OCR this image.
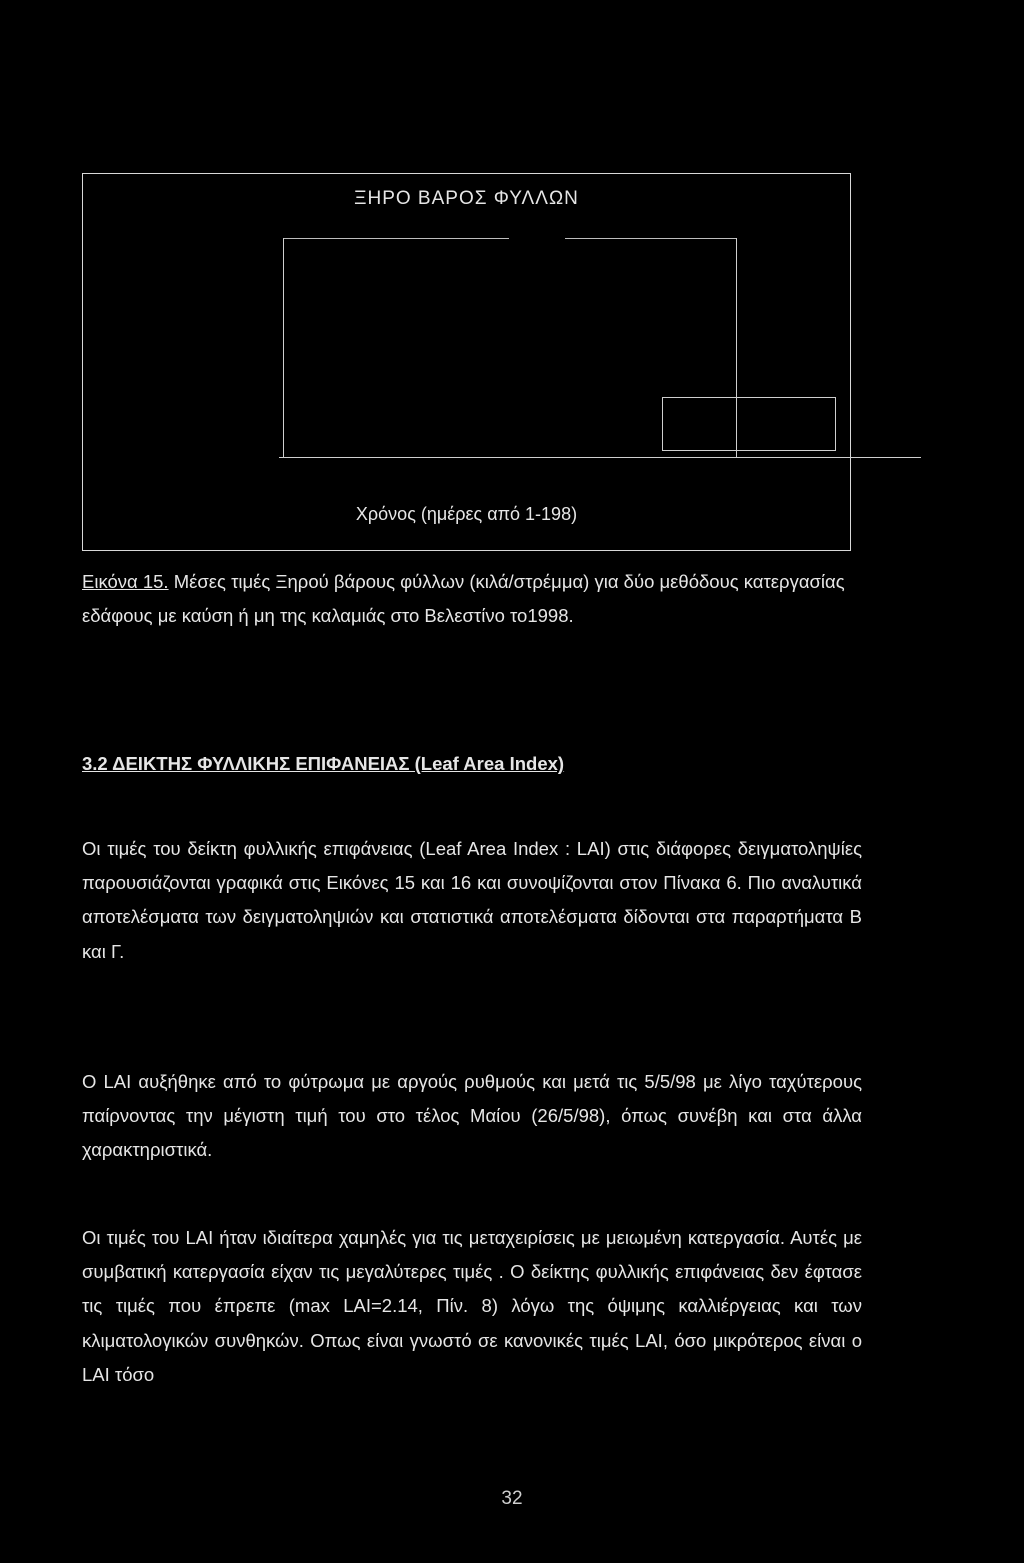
ΞΗΡΟ ΒΑΡΟΣ ΦΥΛΛΩΝ
Χρόνος (ημέρες από 1-198)

Εικόνα 15. Μέσες τιμές Ξηρού βάρους φύλλων (κιλά/στρέμμα) για δύο μεθόδους κατεργασίας εδάφους με καύση ή μη της καλαμιάς στο Βελεστίνο το1998.

3.2 ΔΕΙΚΤΗΣ ΦΥΛΛΙΚΗΣ ΕΠΙΦΑΝΕΙΑΣ (Leaf Area Index)

Οι τιμές του δείκτη φυλλικής επιφάνειας (Leaf Area Index : LAI) στις διάφορες δειγματοληψίες παρουσιάζονται γραφικά στις Εικόνες 15 και 16 και συνοψίζονται στον Πίνακα 6. Πιο αναλυτικά αποτελέσματα των δειγματοληψιών και στατιστικά αποτελέσματα δίδονται στα παραρτήματα Β και Γ.

Ο LAI αυξήθηκε από το φύτρωμα με αργούς ρυθμούς και μετά τις 5/5/98 με λίγο ταχύτερους παίρνοντας την μέγιστη τιμή του στο τέλος Μαίου (26/5/98), όπως συνέβη και στα άλλα χαρακτηριστικά.

Οι τιμές του LAI ήταν ιδιαίτερα χαμηλές για τις μεταχειρίσεις με μειωμένη κατεργασία. Αυτές με συμβατική κατεργασία είχαν τις μεγαλύτερες τιμές . Ο δείκτης φυλλικής επιφάνειας δεν έφτασε τις τιμές που έπρεπε (max LAI=2.14, Πίν. 8) λόγω της όψιμης καλλιέργειας και των κλιματολογικών συνθηκών. Οπως είναι γνωστό σε κανονικές τιμές LAI, όσο μικρότερος είναι ο LAI τόσο

32
